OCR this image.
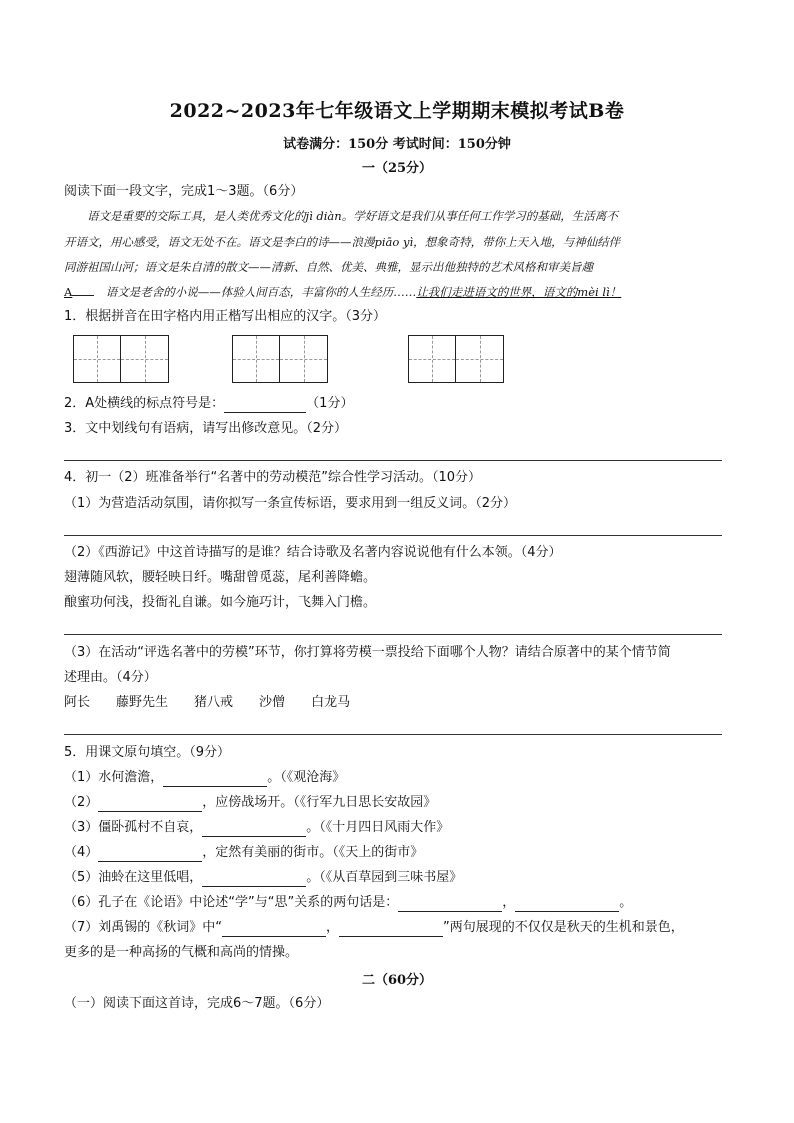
2022~2023年七年级语文上学期期末模拟考试B卷
试卷满分：150分 考试时间：150分钟
一（25分）
阅读下面一段文字，完成1～3题。（6分）
　　语文是重要的交际工具，是人类优秀文化的jì diàn。学好语文是我们从事任何工作学习的基础，生活离不
开语文，用心感受，语文无处不在。语文是李白的诗——浪漫piāo yì，想象奇特，带你上天入地，与神仙结伴
同游祖国山河；语文是朱自清的散文——清新、自然、优美、典雅，显示出他独特的艺术风格和审美旨趣
A　语文是老舍的小说——体验人间百态，丰富你的人生经历……让我们走进语文的世界，语文的mèi lì！
1．根据拼音在田字格内用正楷写出相应的汉字。（3分）
2．A处横线的标点符号是：	（1分）
3．文中划线句有语病，请写出修改意见。（2分）
4．初一（2）班准备举行“名著中的劳动模范”综合性学习活动。（10分）
（1）为营造活动氛围，请你拟写一条宣传标语，要求用到一组反义词。（2分）
（2）《西游记》中这首诗描写的是谁？结合诗歌及名著内容说说他有什么本领。（4分）
翅薄随风软，腰轻映日纤。嘴甜曾觅蕊，尾利善降蟾。
酿蜜功何浅，投衙礼自谦。如今施巧计，飞舞入门檐。
（3）在活动“评选名著中的劳模”环节，你打算将劳模一票投给下面哪个人物？请结合原著中的某个情节简
述理由。（4分）
阿长 藤野先生 猪八戒 沙僧 白龙马
5．用课文原句填空。（9分）
（1）水何澹澹，	。（《观沧海》
（2）	，应傍战场开。（《行军九日思长安故园》
（3）僵卧孤村不自哀，	。（《十月四日风雨大作》
（4）	，定然有美丽的街市。（《天上的街市》
（5）油蛉在这里低唱，	。（《从百草园到三味书屋》
（6）孔子在《论语》中论述“学”与“思”关系的两句话是：	，	。
（7）刘禹锡的《秋词》中“	，	”两句展现的不仅仅是秋天的生机和景色，
更多的是一种高扬的气概和高尚的情操。
二（60分）
（一）阅读下面这首诗，完成6～7题。（6分）
